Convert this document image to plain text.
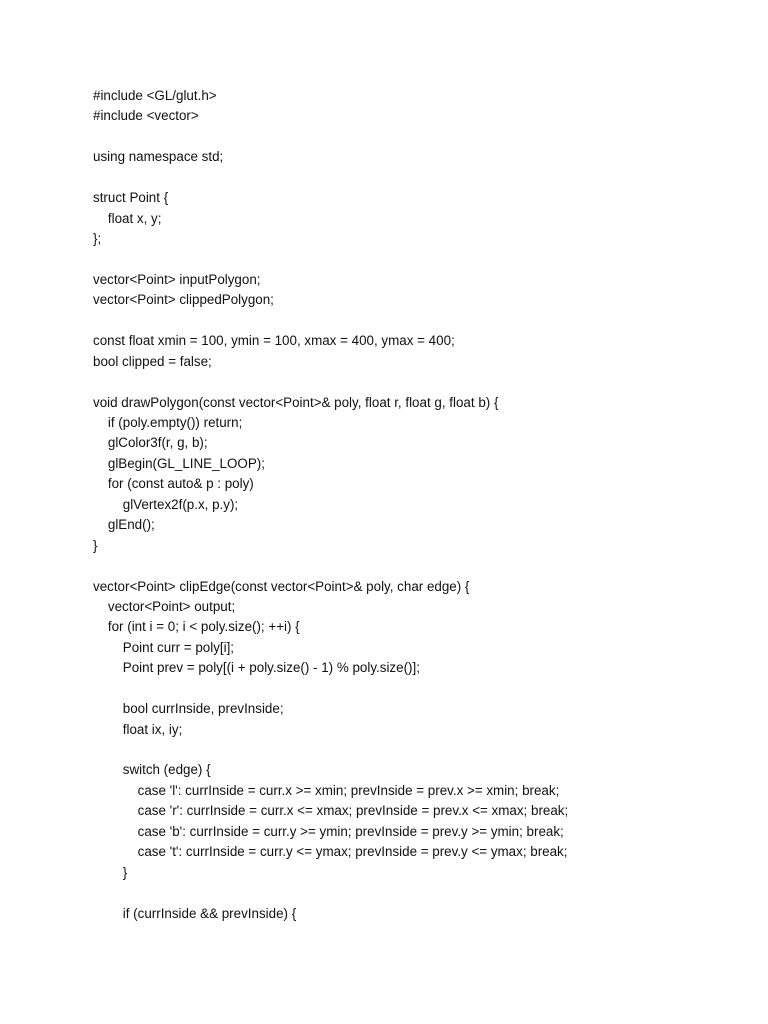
#include <GL/glut.h>
#include <vector>
using namespace std;
struct Point {
float x, y;
};
vector<Point> inputPolygon;
vector<Point> clippedPolygon;
const float xmin = 100, ymin = 100, xmax = 400, ymax = 400;
bool clipped = false;
void drawPolygon(const vector<Point>& poly, float r, float g, float b) {
if (poly.empty()) return;
glColor3f(r, g, b);
glBegin(GL_LINE_LOOP);
for (const auto& p : poly)
glVertex2f(p.x, p.y);
glEnd();
}
vector<Point> clipEdge(const vector<Point>& poly, char edge) {
vector<Point> output;
for (int i = 0; i < poly.size(); ++i) {
Point curr = poly[i];
Point prev = poly[(i + poly.size() - 1) % poly.size()];
bool currInside, prevInside;
float ix, iy;
switch (edge) {
case 'l': currInside = curr.x >= xmin; prevInside = prev.x >= xmin; break;
case 'r': currInside = curr.x <= xmax; prevInside = prev.x <= xmax; break;
case 'b': currInside = curr.y >= ymin; prevInside = prev.y >= ymin; break;
case 't': currInside = curr.y <= ymax; prevInside = prev.y <= ymax; break;
}
if (currInside && prevInside) {
